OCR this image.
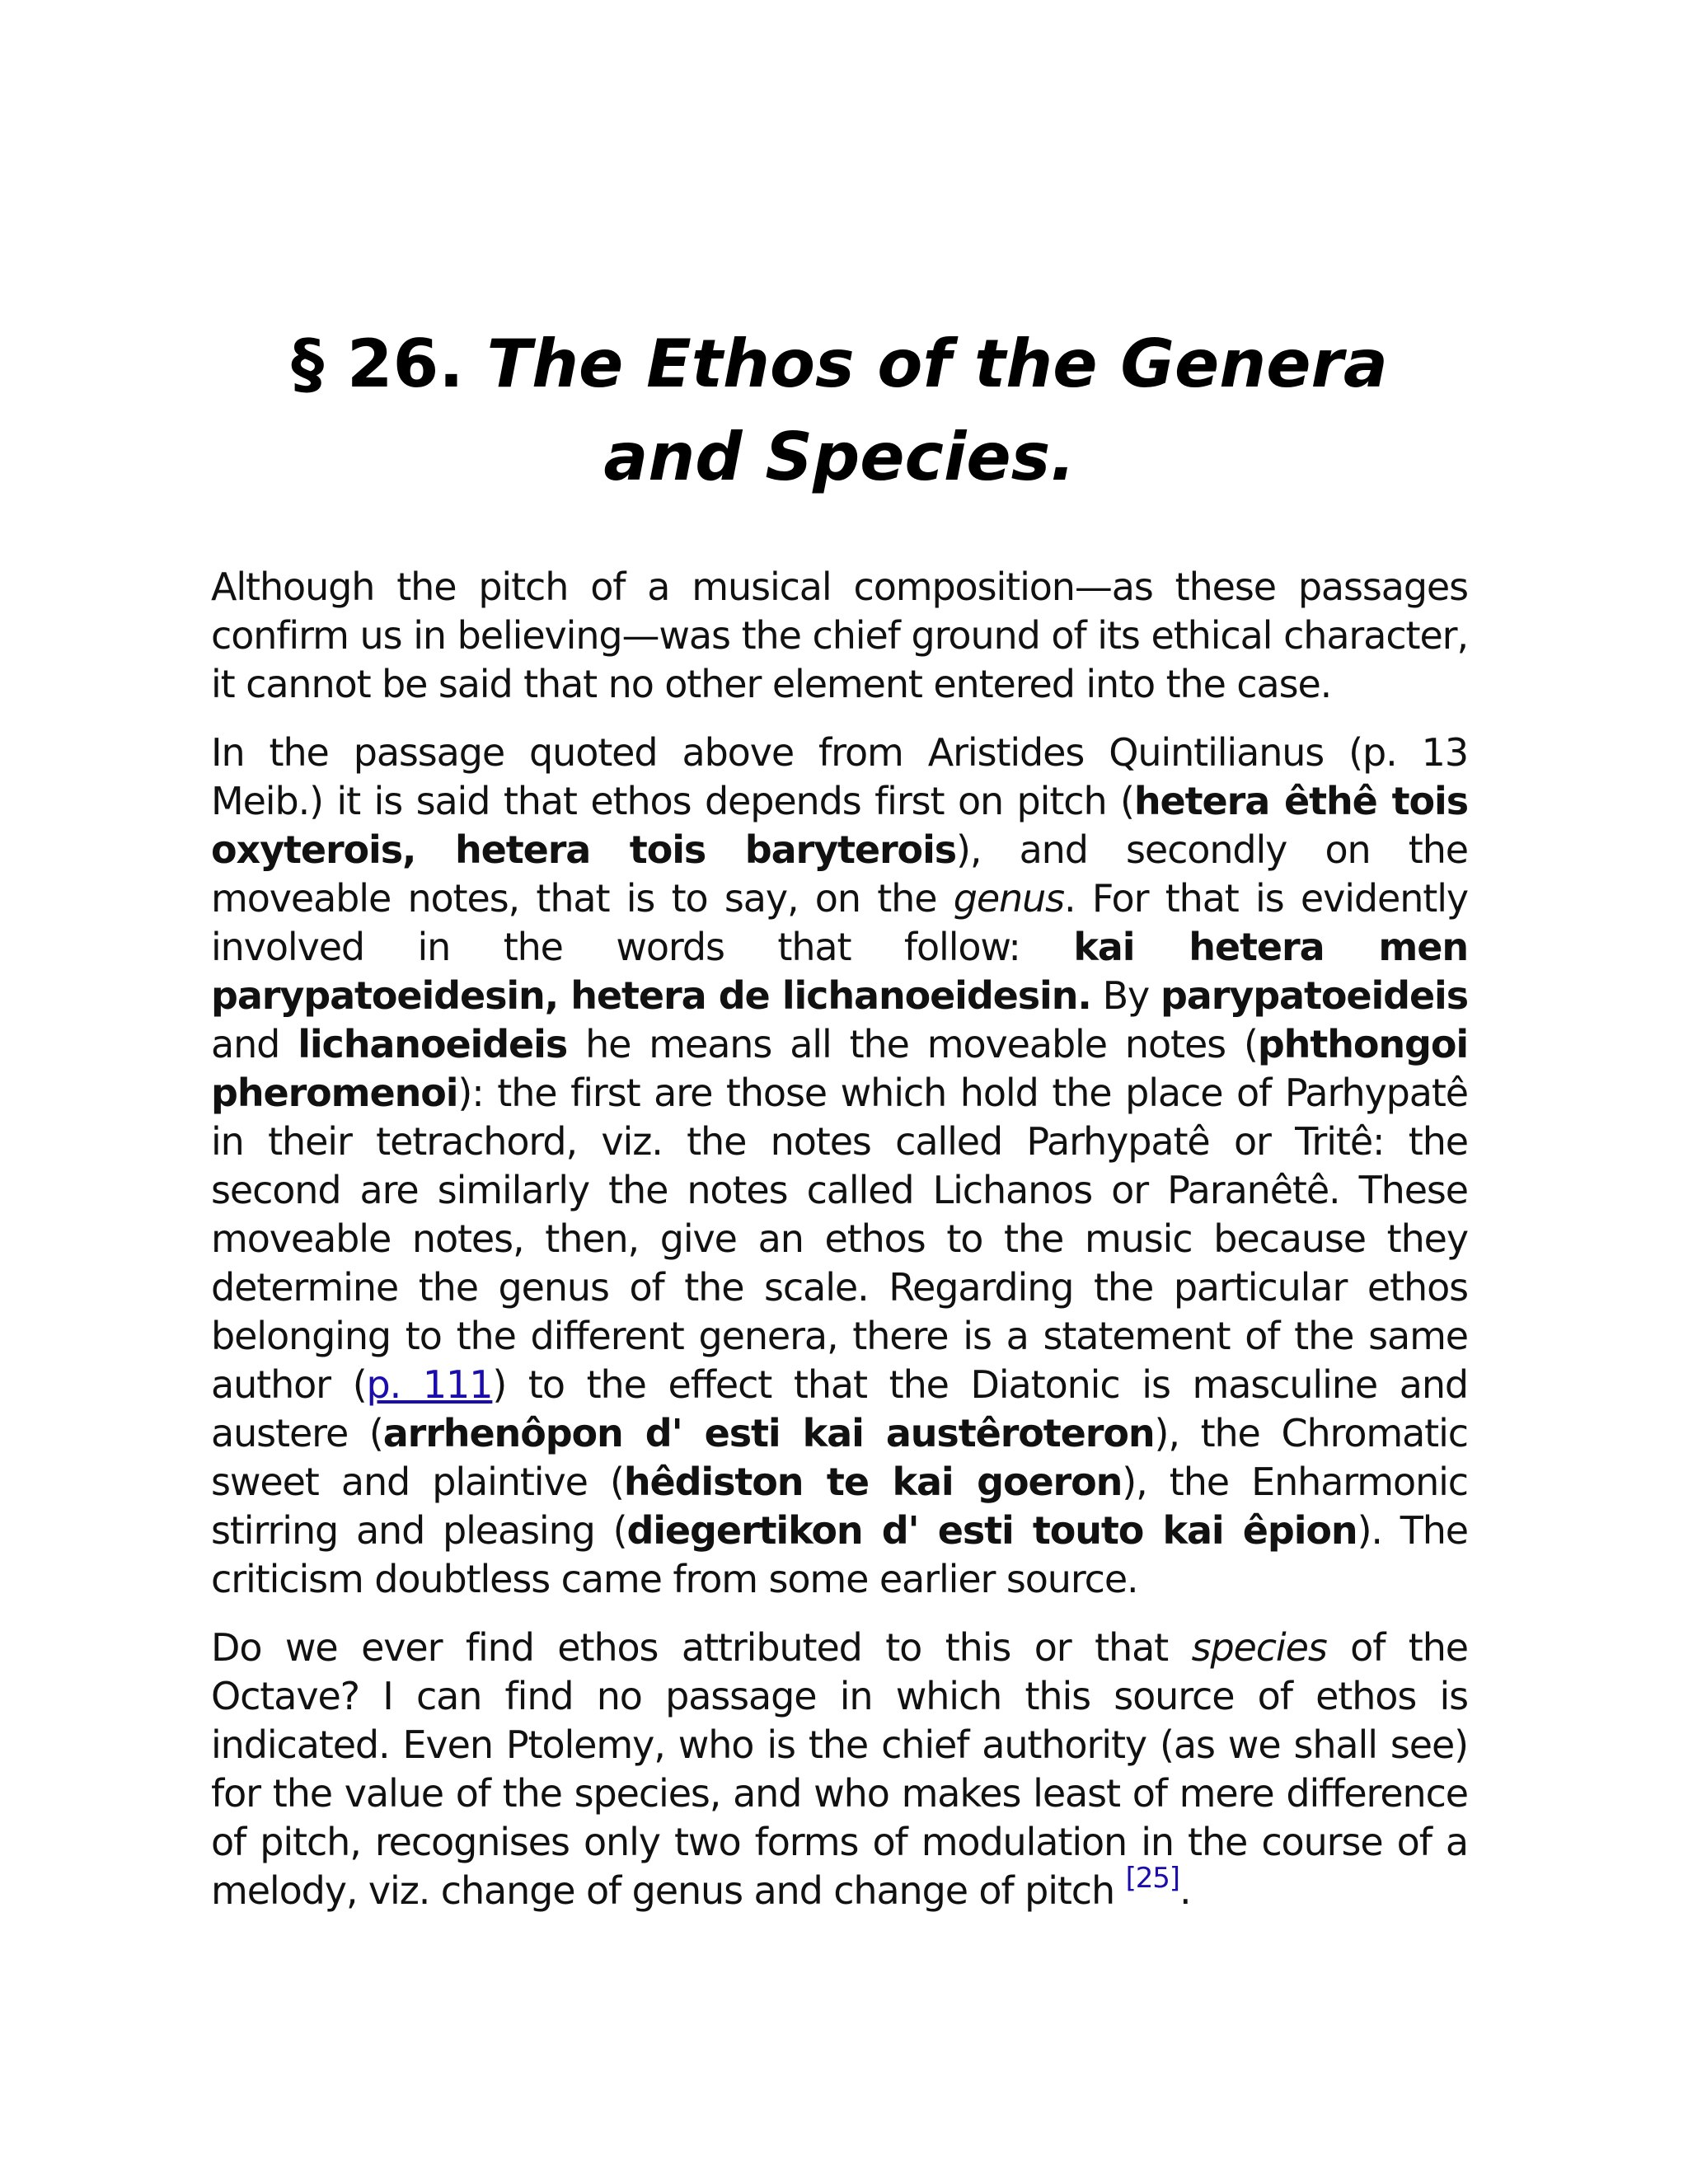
§ 26. The Ethos of the Genera and Species.

Although the pitch of a musical composition—as these passages confirm us in believing—was the chief ground of its ethical character, it cannot be said that no other element entered into the case.

In the passage quoted above from Aristides Quintilianus (p. 13 Meib.) it is said that ethos depends first on pitch (hetera êthê tois oxyterois, hetera tois baryterois), and secondly on the moveable notes, that is to say, on the genus. For that is evidently involved in the words that follow: kai hetera men parypatoeidesin, hetera de lichanoeidesin. By parypatoeideis and lichanoeideis he means all the moveable notes (phthongoi pheromenoi): the first are those which hold the place of Parhypatê in their tetrachord, viz. the notes called Parhypatê or Tritê: the second are similarly the notes called Lichanos or Paranêtê. These moveable notes, then, give an ethos to the music because they determine the genus of the scale. Regarding the particular ethos belonging to the different genera, there is a statement of the same author (p. 111) to the effect that the Diatonic is masculine and austere (arrhenôpon d' esti kai austêroteron), the Chromatic sweet and plaintive (hêdiston te kai goeron), the Enharmonic stirring and pleasing (diegertikon d' esti touto kai êpion). The criticism doubtless came from some earlier source.

Do we ever find ethos attributed to this or that species of the Octave? I can find no passage in which this source of ethos is indicated. Even Ptolemy, who is the chief authority (as we shall see) for the value of the species, and who makes least of mere difference of pitch, recognises only two forms of modulation in the course of a melody, viz. change of genus and change of pitch [25].
